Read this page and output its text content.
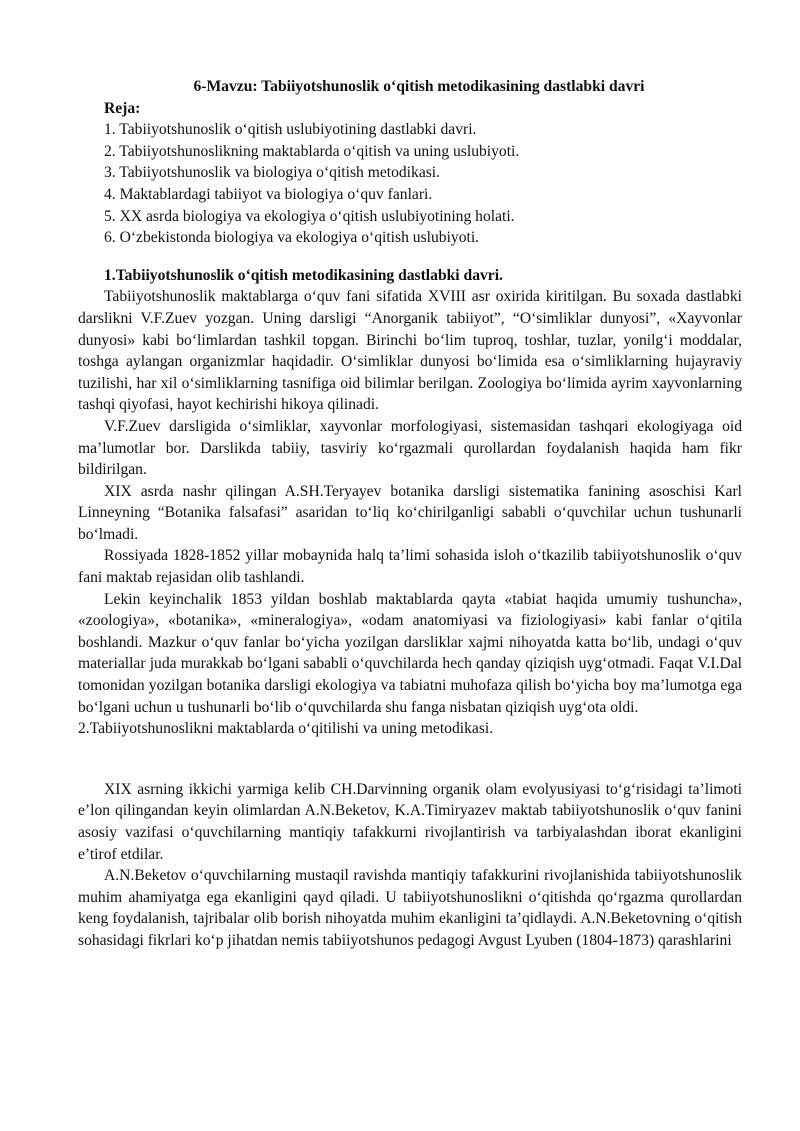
6-Mavzu: Tabiiyotshunoslik o‘qitish metodikasining dastlabki davri

Reja:

1. Tabiiyotshunoslik o‘qitish uslubiyotining dastlabki davri.
2. Tabiiyotshunoslikning maktablarda o‘qitish va uning uslubiyoti.
3. Tabiiyotshunoslik va biologiya o‘qitish metodikasi.
4. Maktablardagi tabiiyot va biologiya o‘quv fanlari.
5. XX asrda biologiya va ekologiya o‘qitish uslubiyotining holati.
6. O‘zbekistonda biologiya va ekologiya o‘qitish uslubiyoti.

1.Tabiiyotshunoslik o‘qitish metodikasining dastlabki davri.

Tabiiyotshunoslik maktablarga o‘quv fani sifatida XVIII asr oxirida kiritilgan. Bu soxada dastlabki darslikni V.F.Zuev yozgan. Uning darsligi “Anorganik tabiiyot”, “O‘simliklar dunyosi”, «Xayvonlar dunyosi» kabi bo‘limlardan tashkil topgan. Birinchi bo‘lim tuproq, toshlar, tuzlar, yonilg‘i moddalar, toshga aylangan organizmlar haqidadir. O‘simliklar dunyosi bo‘limida esa o‘simliklarning hujayraviy tuzilishi, har xil o‘simliklarning tasnifiga oid bilimlar berilgan. Zoologiya bo‘limida ayrim xayvonlarning tashqi qiyofasi, hayot kechirishi hikoya qilinadi.

V.F.Zuev darsligida o‘simliklar, xayvonlar morfologiyasi, sistemasidan tashqari ekologiyaga oid ma’lumotlar bor. Darslikda tabiiy, tasviriy ko‘rgazmali qurollardan foydalanish haqida ham fikr bildirilgan.

XIX asrda nashr qilingan A.SH.Teryayev botanika darsligi sistematika fanining asoschisi Karl Linneyning “Botanika falsafasi” asaridan to‘liq ko‘chirilganligi sababli o‘quvchilar uchun tushunarli bo‘lmadi.

Rossiyada 1828-1852 yillar mobaynida halq ta’limi sohasida isloh o‘tkazilib tabiiyotshunoslik o‘quv fani maktab rejasidan olib tashlandi.

Lekin keyinchalik 1853 yildan boshlab maktablarda qayta «tabiat haqida umumiy tushuncha», «zoologiya», «botanika», «mineralogiya», «odam anatomiyasi va fiziologiyasi» kabi fanlar o‘qitila boshlandi. Mazkur o‘quv fanlar bo‘yicha yozilgan darsliklar xajmi nihoyatda katta bo‘lib, undagi o‘quv materiallar juda murakkab bo‘lgani sababli o‘quvchilarda hech qanday qiziqish uyg‘otmadi. Faqat V.I.Dal tomonidan yozilgan botanika darsligi ekologiya va tabiatni muhofaza qilish bo‘yicha boy ma’lumotga ega bo‘lgani uchun u tushunarli bo‘lib o‘quvchilarda shu fanga nisbatan qiziqish uyg‘ota oldi.

2.Tabiiyotshunoslikni maktablarda o‘qitilishi va uning metodikasi.

XIX asrning ikkichi yarmiga kelib CH.Darvinning organik olam evolyusiyasi to‘g‘risidagi ta’limoti e’lon qilingandan keyin olimlardan A.N.Beketov, K.A.Timiryazev maktab tabiiyotshunoslik o‘quv fanini asosiy vazifasi o‘quvchilarning mantiqiy tafakkurni rivojlantirish va tarbiyalashdan iborat ekanligini e’tirof etdilar.

A.N.Beketov o‘quvchilarning mustaqil ravishda mantiqiy tafakkurini rivojlanishida tabiiyotshunoslik muhim ahamiyatga ega ekanligini qayd qiladi. U tabiiyotshunoslikni o‘qitishda qo‘rgazma qurollardan keng foydalanish, tajribalar olib borish nihoyatda muhim ekanligini ta’qidlaydi. A.N.Beketovning o‘qitish sohasidagi fikrlari ko‘p jihatdan nemis tabiiyotshunos pedagogi Avgust Lyuben (1804-1873) qarashlarini
